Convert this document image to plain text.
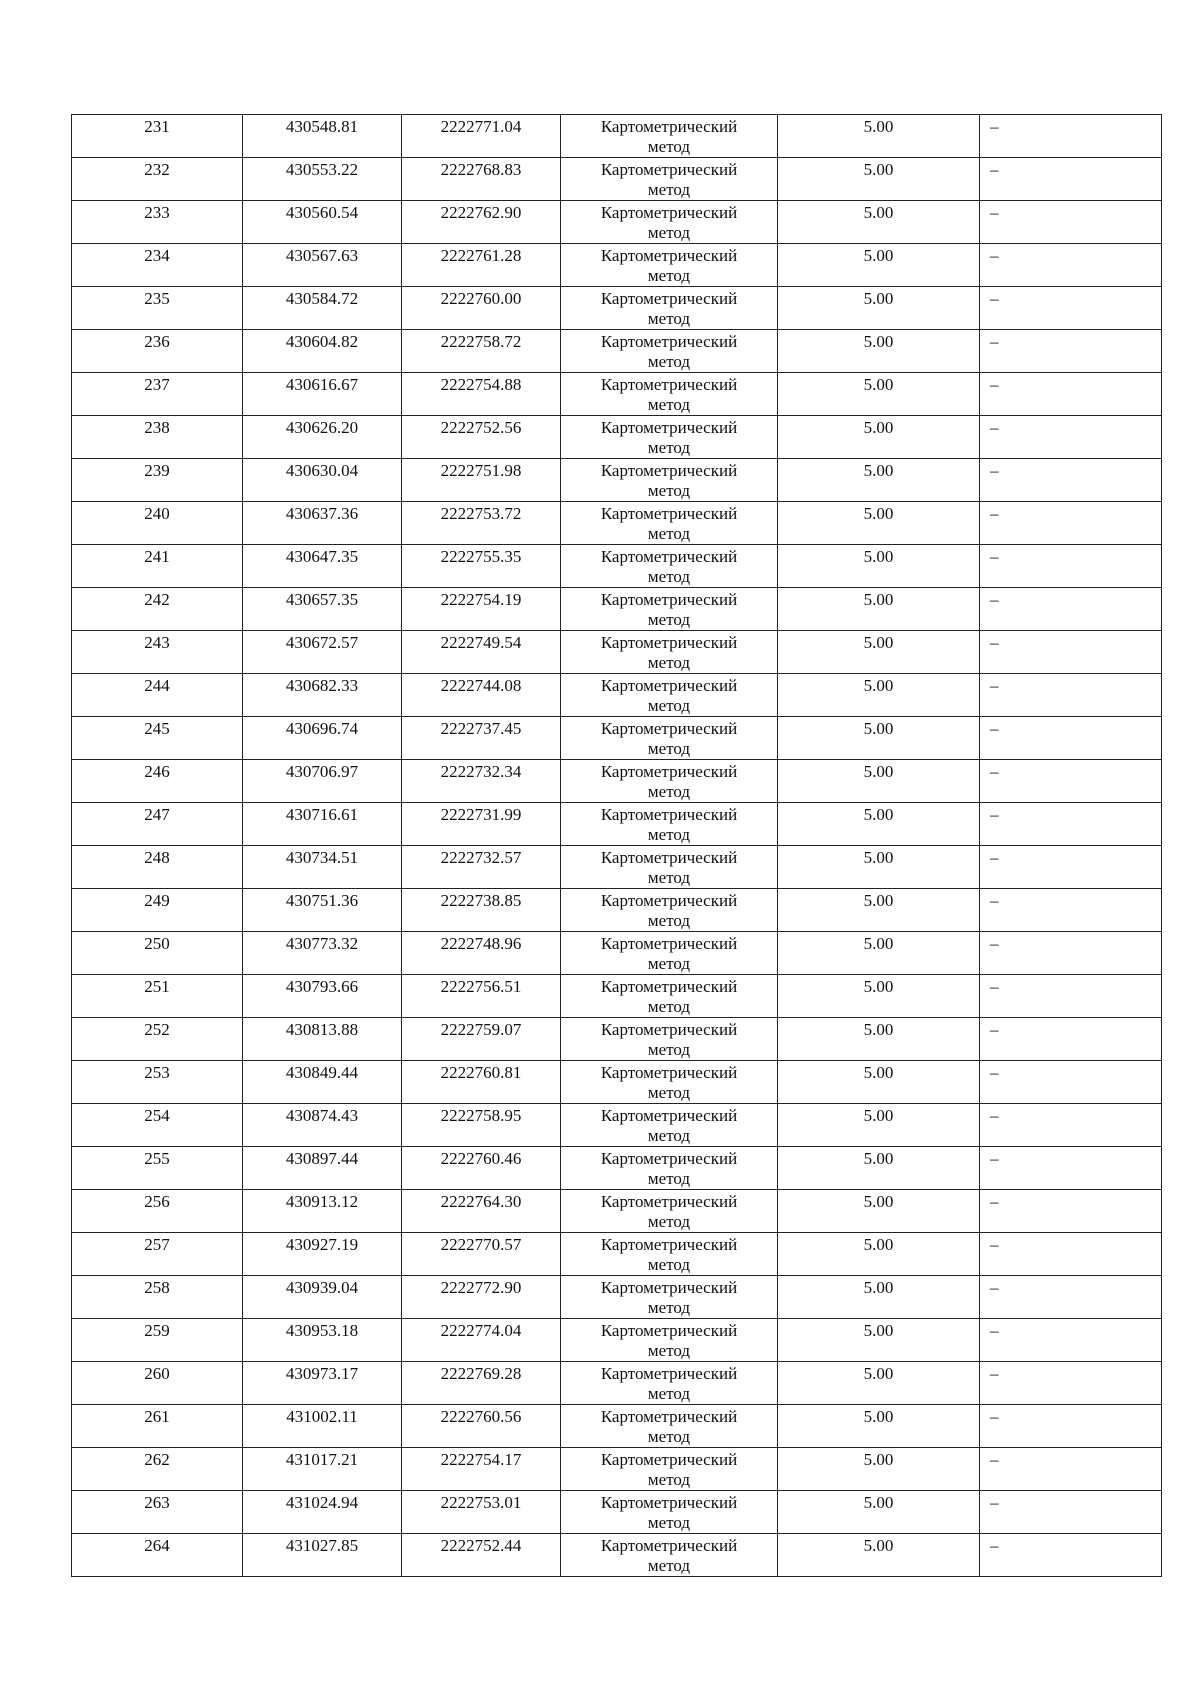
231	430548.81	2222771.04	Картометрический
метод	5.00	–

232	430553.22	2222768.83	Картометрический
метод	5.00	–

233	430560.54	2222762.90	Картометрический
метод	5.00	–

234	430567.63	2222761.28	Картометрический
метод	5.00	–

235	430584.72	2222760.00	Картометрический
метод	5.00	–

236	430604.82	2222758.72	Картометрический
метод	5.00	–

237	430616.67	2222754.88	Картометрический
метод	5.00	–

238	430626.20	2222752.56	Картометрический
метод	5.00	–

239	430630.04	2222751.98	Картометрический
метод	5.00	–

240	430637.36	2222753.72	Картометрический
метод	5.00	–

241	430647.35	2222755.35	Картометрический
метод	5.00	–

242	430657.35	2222754.19	Картометрический
метод	5.00	–

243	430672.57	2222749.54	Картометрический
метод	5.00	–

244	430682.33	2222744.08	Картометрический
метод	5.00	–

245	430696.74	2222737.45	Картометрический
метод	5.00	–

246	430706.97	2222732.34	Картометрический
метод	5.00	–

247	430716.61	2222731.99	Картометрический
метод	5.00	–

248	430734.51	2222732.57	Картометрический
метод	5.00	–

249	430751.36	2222738.85	Картометрический
метод	5.00	–

250	430773.32	2222748.96	Картометрический
метод	5.00	–

251	430793.66	2222756.51	Картометрический
метод	5.00	–

252	430813.88	2222759.07	Картометрический
метод	5.00	–

253	430849.44	2222760.81	Картометрический
метод	5.00	–

254	430874.43	2222758.95	Картометрический
метод	5.00	–

255	430897.44	2222760.46	Картометрический
метод	5.00	–

256	430913.12	2222764.30	Картометрический
метод	5.00	–

257	430927.19	2222770.57	Картометрический
метод	5.00	–

258	430939.04	2222772.90	Картометрический
метод	5.00	–

259	430953.18	2222774.04	Картометрический
метод	5.00	–

260	430973.17	2222769.28	Картометрический
метод	5.00	–

261	431002.11	2222760.56	Картометрический
метод	5.00	–

262	431017.21	2222754.17	Картометрический
метод	5.00	–

263	431024.94	2222753.01	Картометрический
метод	5.00	–

264	431027.85	2222752.44	Картометрический
метод	5.00	–
